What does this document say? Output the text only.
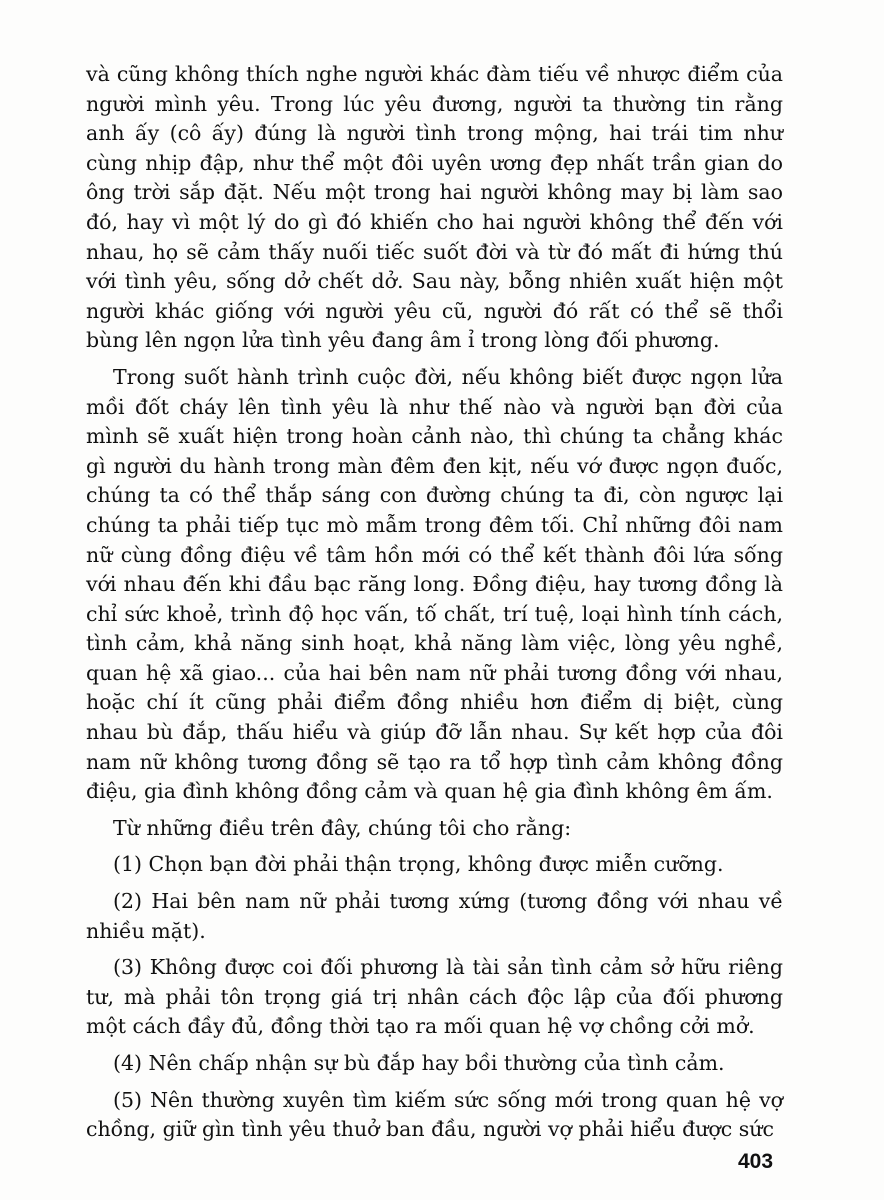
và cũng không thích nghe người khác đàm tiếu về nhược điểm của người mình yêu. Trong lúc yêu đương, người ta thường tin rằng anh ấy (cô ấy) đúng là người tình trong mộng, hai trái tim như cùng nhịp đập, như thể một đôi uyên ương đẹp nhất trần gian do ông trời sắp đặt. Nếu một trong hai người không may bị làm sao đó, hay vì một lý do gì đó khiến cho hai người không thể đến với nhau, họ sẽ cảm thấy nuối tiếc suốt đời và từ đó mất đi hứng thú với tình yêu, sống dở chết dở. Sau này, bỗng nhiên xuất hiện một người khác giống với người yêu cũ, người đó rất có thể sẽ thổi bùng lên ngọn lửa tình yêu đang âm ỉ trong lòng đối phương.

Trong suốt hành trình cuộc đời, nếu không biết được ngọn lửa mồi đốt cháy lên tình yêu là như thế nào và người bạn đời của mình sẽ xuất hiện trong hoàn cảnh nào, thì chúng ta chẳng khác gì người du hành trong màn đêm đen kịt, nếu vớ được ngọn đuốc, chúng ta có thể thắp sáng con đường chúng ta đi, còn ngược lại chúng ta phải tiếp tục mò mẫm trong đêm tối. Chỉ những đôi nam nữ cùng đồng điệu về tâm hồn mới có thể kết thành đôi lứa sống với nhau đến khi đầu bạc răng long. Đồng điệu, hay tương đồng là chỉ sức khoẻ, trình độ học vấn, tố chất, trí tuệ, loại hình tính cách, tình cảm, khả năng sinh hoạt, khả năng làm việc, lòng yêu nghề, quan hệ xã giao... của hai bên nam nữ phải tương đồng với nhau, hoặc chí ít cũng phải điểm đồng nhiều hơn điểm dị biệt, cùng nhau bù đắp, thấu hiểu và giúp đỡ lẫn nhau. Sự kết hợp của đôi nam nữ không tương đồng sẽ tạo ra tổ hợp tình cảm không đồng điệu, gia đình không đồng cảm và quan hệ gia đình không êm ấm.

Từ những điều trên đây, chúng tôi cho rằng:

(1) Chọn bạn đời phải thận trọng, không được miễn cưỡng.

(2) Hai bên nam nữ phải tương xứng (tương đồng với nhau về nhiều mặt).

(3) Không được coi đối phương là tài sản tình cảm sở hữu riêng tư, mà phải tôn trọng giá trị nhân cách độc lập của đối phương một cách đầy đủ, đồng thời tạo ra mối quan hệ vợ chồng cởi mở.

(4) Nên chấp nhận sự bù đắp hay bồi thường của tình cảm.

(5) Nên thường xuyên tìm kiếm sức sống mới trong quan hệ vợ chồng, giữ gìn tình yêu thuở ban đầu, người vợ phải hiểu được sức

403
